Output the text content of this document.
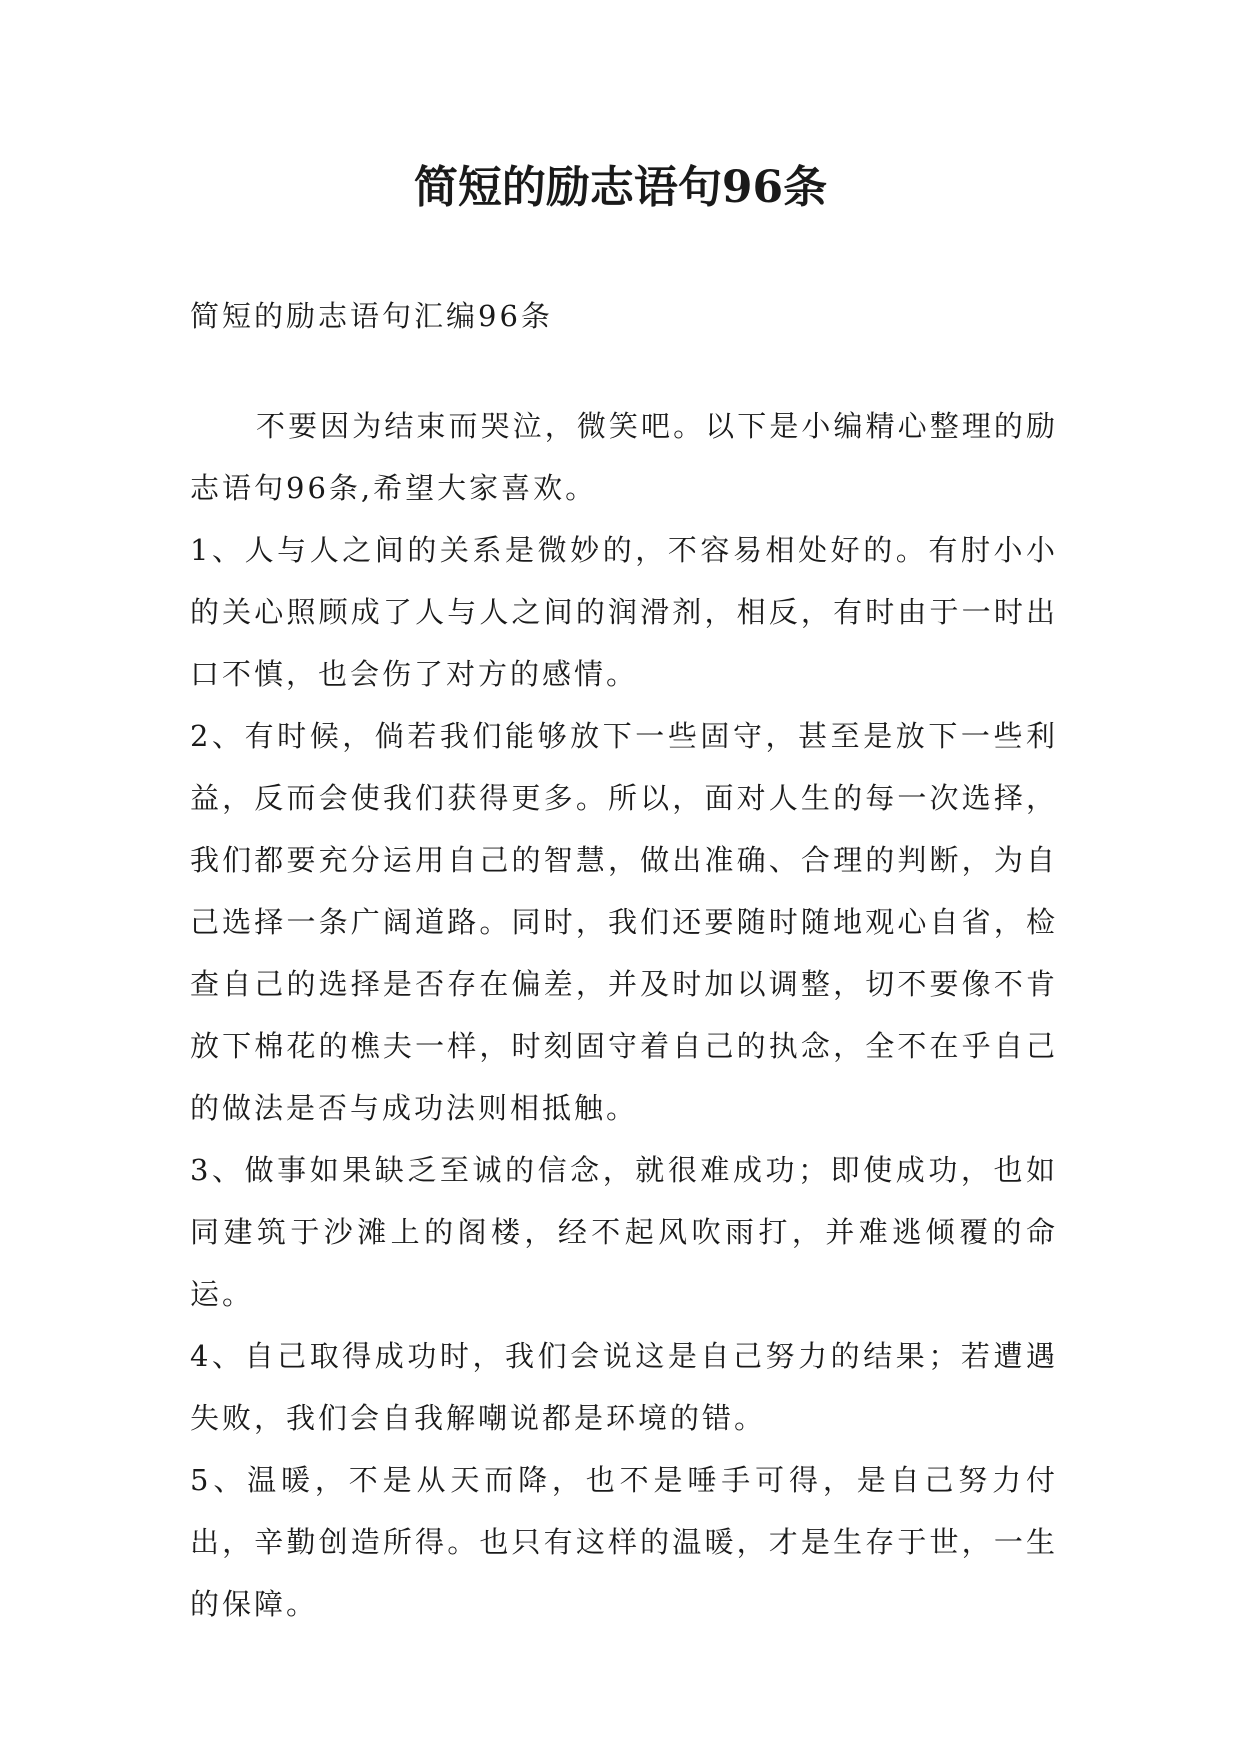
简短的励志语句96条

简短的励志语句汇编96条

不要因为结束而哭泣，微笑吧。以下是小编精心整理的励志语句96条,希望大家喜欢。

1、人与人之间的关系是微妙的，不容易相处好的。有肘小小的关心照顾成了人与人之间的润滑剂，相反，有时由于一时出口不慎，也会伤了对方的感情。

2、有时候，倘若我们能够放下一些固守，甚至是放下一些利益，反而会使我们获得更多。所以，面对人生的每一次选择，我们都要充分运用自己的智慧，做出准确、合理的判断，为自己选择一条广阔道路。同时，我们还要随时随地观心自省，检查自己的选择是否存在偏差，并及时加以调整，切不要像不肯放下棉花的樵夫一样，时刻固守着自己的执念，全不在乎自己的做法是否与成功法则相抵触。

3、做事如果缺乏至诚的信念，就很难成功；即使成功，也如同建筑于沙滩上的阁楼，经不起风吹雨打，并难逃倾覆的命运。

4、自己取得成功时，我们会说这是自己努力的结果；若遭遇失败，我们会自我解嘲说都是环境的错。

5、温暖，不是从天而降，也不是唾手可得，是自己努力付出，辛勤创造所得。也只有这样的温暖，才是生存于世，一生的保障。
